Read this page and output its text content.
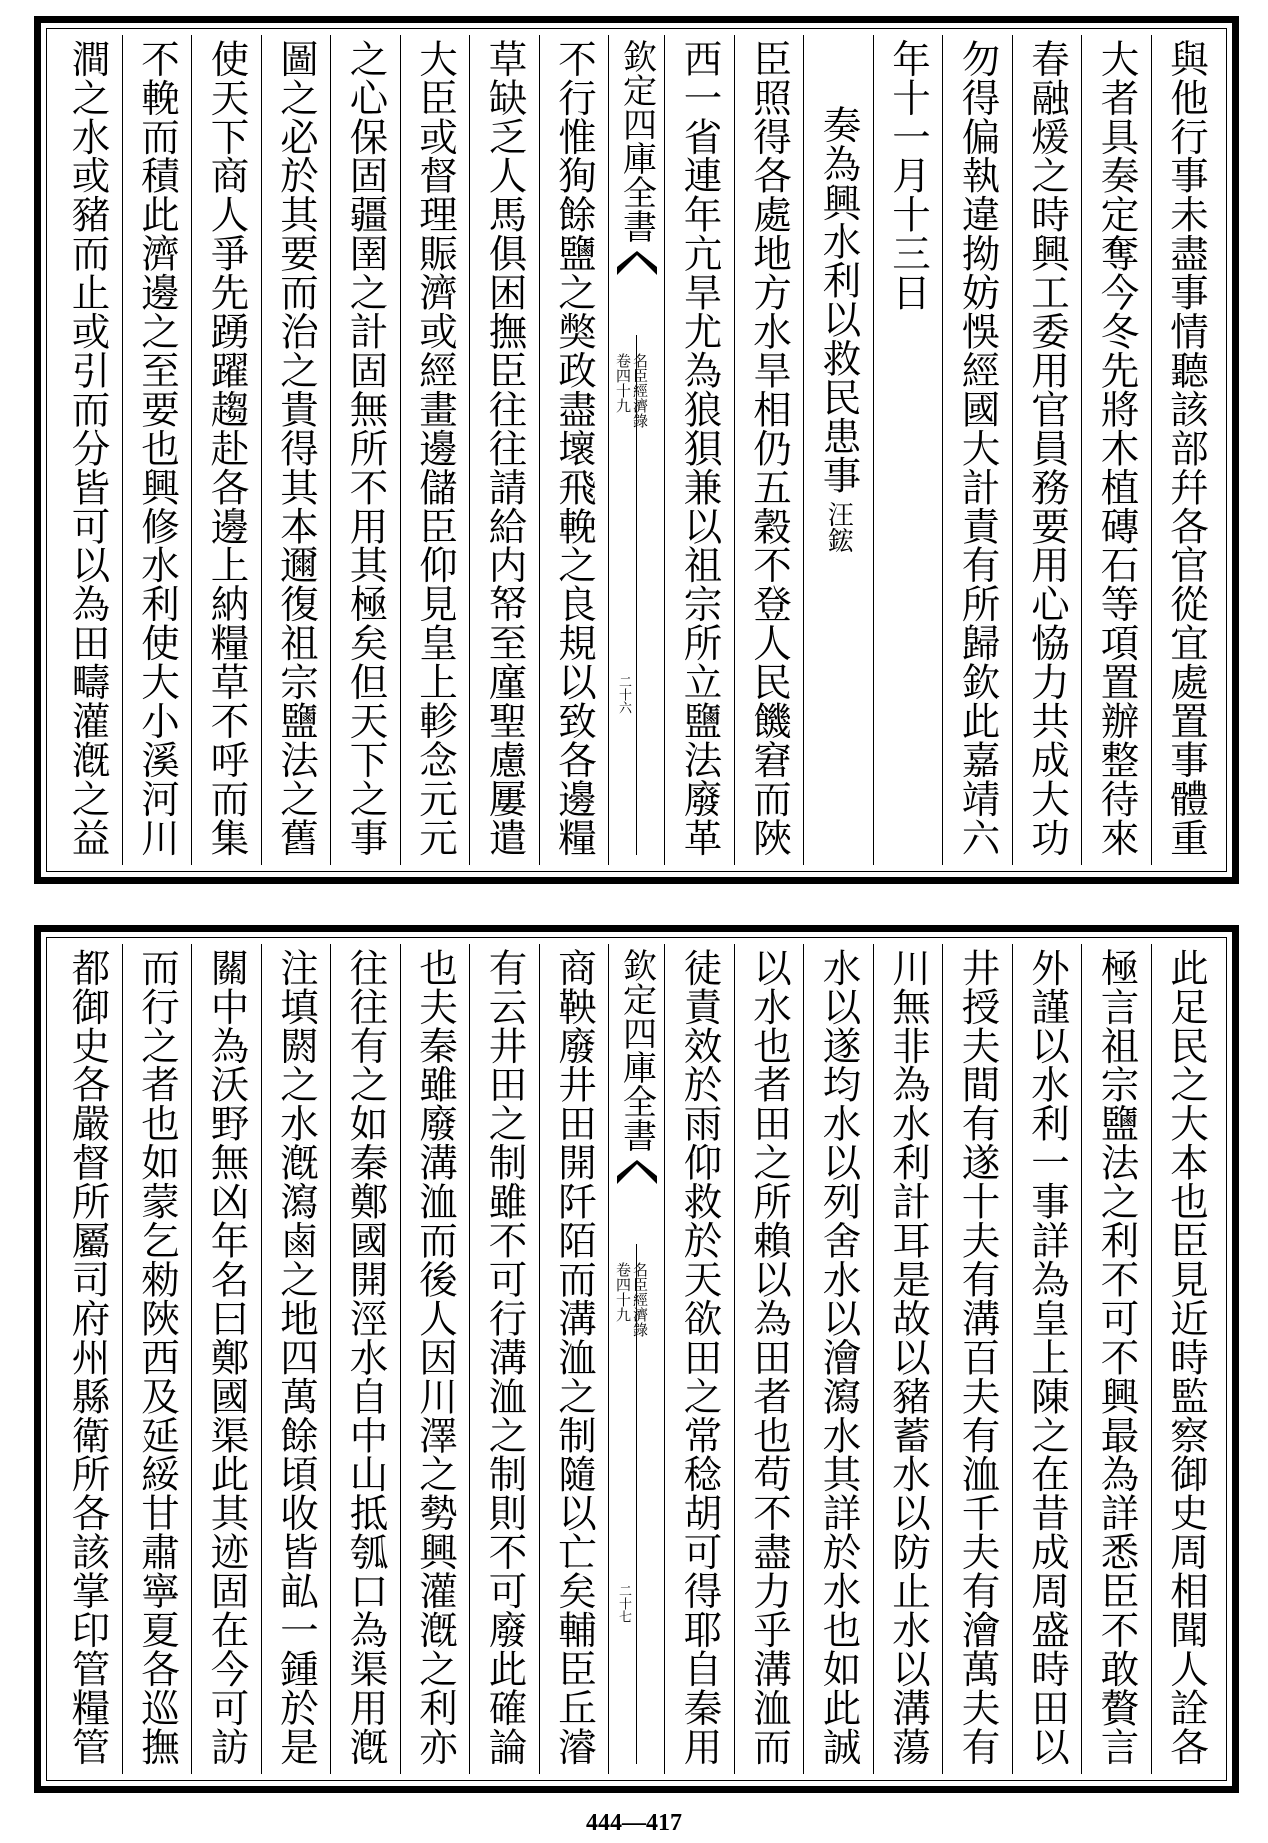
與他行事未盡事情聽該部幷各官從宜處置事體重
大者具奏定奪今冬先將木植磚石等項置辦整待來
春融煖之時興工委用官員務要用心恊力共成大功
勿得偏執違拗妨悞經國大計責有所歸欽此嘉靖六
年十一月十三日
奏為興水利以救民患事
汪鋐
臣照得各處地方水旱相仍五穀不登人民饑窘而陜
西一省連年亢旱尤為狼狽兼以祖宗所立鹽法廢革
欽定四庫全書
名臣經濟錄
卷四十九
二十六
不行惟狥餘鹽之獘政盡壞飛輓之良規以致各邊糧
草缺乏人馬俱困撫臣往往請給内帑至廑聖慮屢遣
大臣或督理賑濟或經畫邊儲臣仰見皇上軫念元元
之心保固疆圉之計固無所不用其極矣但天下之事
圖之必於其要而治之貴得其本邇復祖宗鹽法之舊
使天下商人爭先踴躍趨赴各邊上納糧草不呼而集
不輓而積此濟邊之至要也興修水利使大小溪河川
澗之水或豬而止或引而分皆可以為田疇灌漑之益
此足民之大本也臣見近時監察御史周相聞人詮各
極言祖宗鹽法之利不可不興最為詳悉臣不敢贅言
外謹以水利一事詳為皇上陳之在昔成周盛時田以
井授夫間有遂十夫有溝百夫有洫千夫有澮萬夫有
川無非為水利計耳是故以豬蓄水以防止水以溝蕩
水以遂均水以列舍水以澮瀉水其詳於水也如此誠
以水也者田之所賴以為田者也苟不盡力乎溝洫而
徒責效於雨仰救於天欲田之常稔胡可得耶自秦用
欽定四庫全書
名臣經濟錄
卷四十九
二十七
商鞅廢井田開阡陌而溝洫之制隨以亡矣輔臣丘濬
有云井田之制雖不可行溝洫之制則不可廢此確論
也夫秦雖廢溝洫而後人因川澤之勢興灌漑之利亦
往往有之如秦鄭國開涇水自中山抵瓠口為渠用漑
注填閼之水漑瀉鹵之地四萬餘頃收皆畆一鍾於是
關中為沃野無凶年名曰鄭國渠此其迹固在今可訪
而行之者也如蒙乞勑陜西及延綏甘肅寧夏各巡撫
都御史各嚴督所屬司府州縣衛所各該掌印管糧管
444—417
